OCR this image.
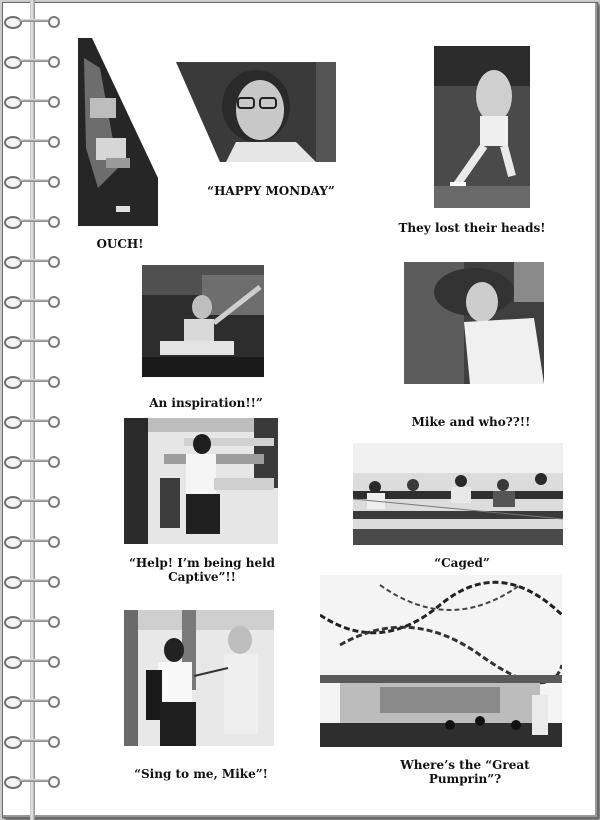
OUCH!
“HAPPY MONDAY”
They lost their heads!
An inspiration!!”
Mike and who??!!
“Help! I’m being held
Captive”!!
“Caged”
“Sing to me, Mike”!
Where’s the “Great
Pumprin”?
